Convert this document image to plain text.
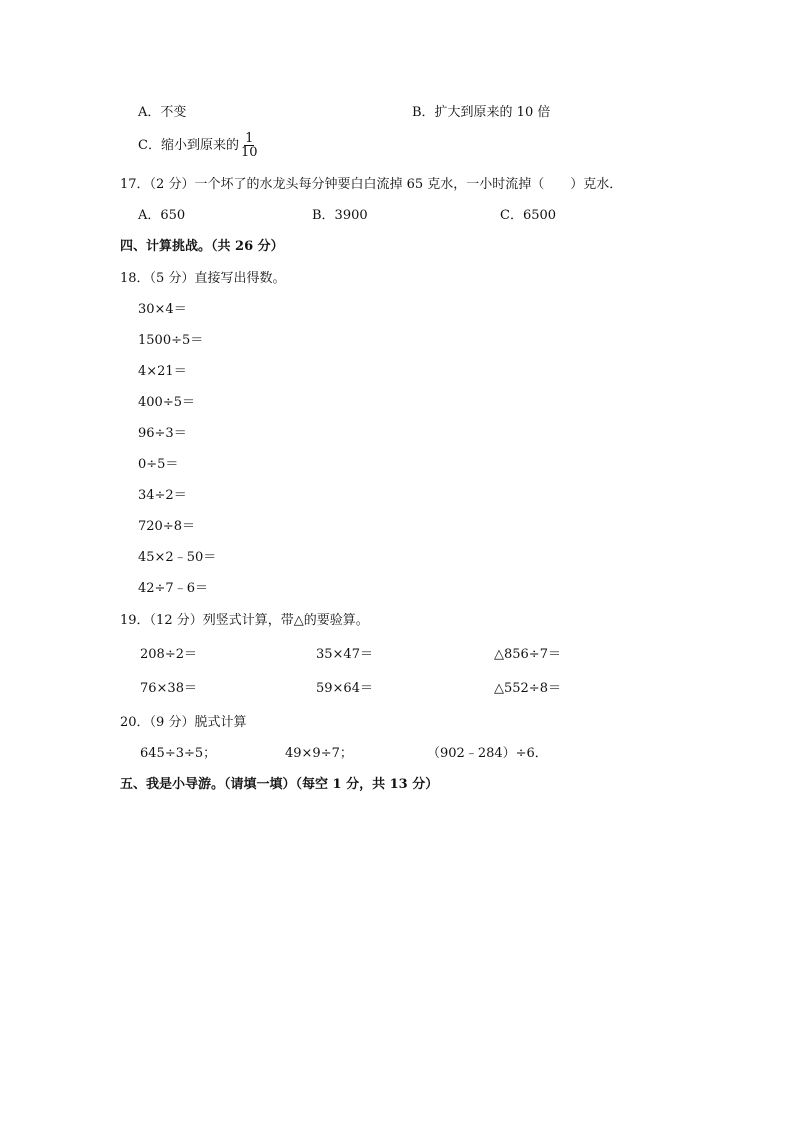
A．不变	B．扩大到原来的 10 倍
C．缩小到原来的 $\frac{1}{10}$
17．（2 分）一个坏了的水龙头每分钟要白白流掉 65 克水，一小时流掉（　　）克水．
A．650	B．3900	C．6500
四、计算挑战。（共 26 分）
18．（5 分）直接写出得数。
30×4＝
1500÷5＝
4×21＝
400÷5＝
96÷3＝
0÷5＝
34÷2＝
720÷8＝
45×2﹣50＝
42÷7﹣6＝
19．（12 分）列竖式计算，带△的要验算。
208÷2＝	35×47＝	△856÷7＝
76×38＝	59×64＝	△552÷8＝
20．（9 分）脱式计算
645÷3÷5；	49×9÷7；	（902﹣284）÷6．
五、我是小导游。（请填一填）（每空 1 分，共 13 分）
